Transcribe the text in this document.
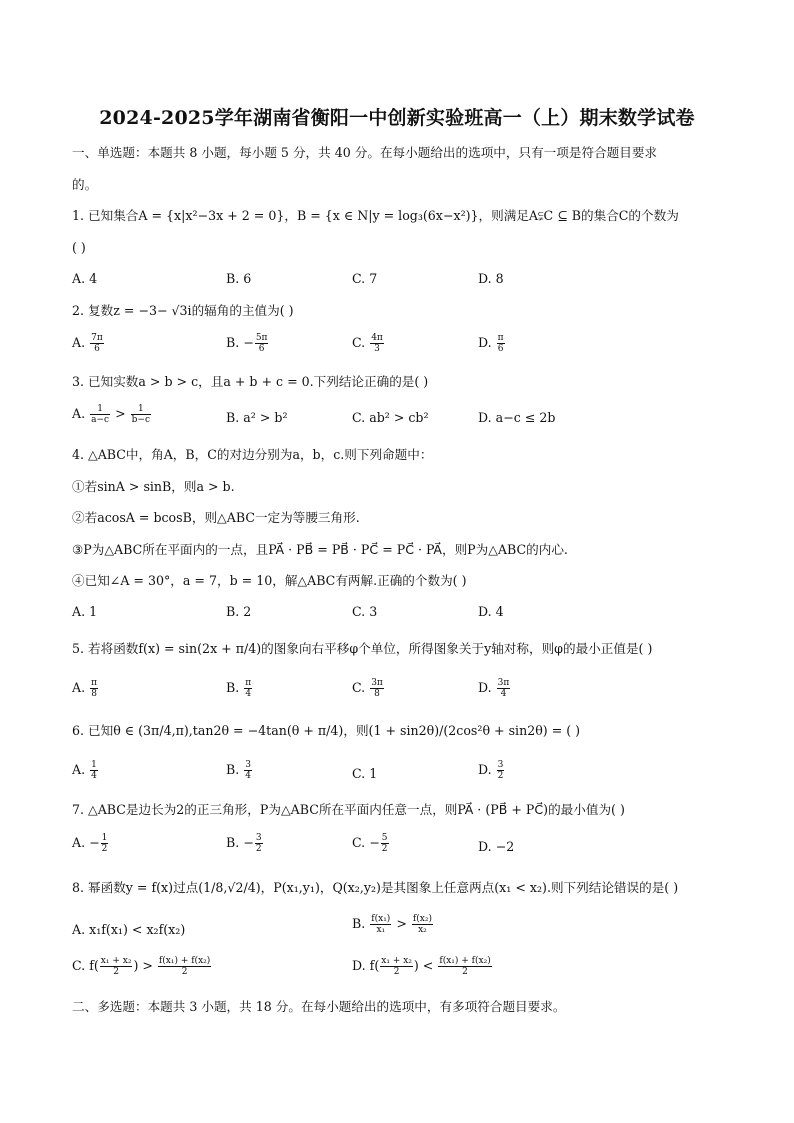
2024-2025学年湖南省衡阳一中创新实验班高一（上）期末数学试卷
一、单选题：本题共 8 小题，每小题 5 分，共 40 分。在每小题给出的选项中，只有一项是符合题目要求
的。
1. 已知集合A = {x|x²−3x + 2 = 0}，B = {x ∈ N|y = log₃(6x−x²)}，则满足A⫋C ⊆ B的集合C的个数为
( )
A. 4	B. 6	C. 7	D. 8
2. 复数z = −3− √3i的辐角的主值为( )
A. $\frac{7\pi}{6}$	B. − $\frac{5\pi}{6}$	C. $\frac{4\pi}{3}$	D. $\frac{\pi}{6}$
3. 已知实数a > b > c，且a + b + c = 0.下列结论正确的是( )
A. $\frac{1}{a-c} > \frac{1}{b-c}$	B. a² > b²	C. ab² > cb²	D. a−c ≤ 2b
4. △ABC中，角A，B，C的对边分别为a，b，c.则下列命题中：
①若sinA > sinB，则a > b.
②若acosA = bcosB，则△ABC一定为等腰三角形.
③P为△ABC所在平面内的一点，且PA⃗ · PB⃗ = PB⃗ · PC⃗ = PC⃗ · PA⃗，则P为△ABC的内心.
④已知∠A = 30°，a = 7，b = 10，解△ABC有两解.正确的个数为( )
A. 1	B. 2	C. 3	D. 4
5. 若将函数f(x) = sin(2x + π/4)的图象向右平移φ个单位，所得图象关于y轴对称，则φ的最小正值是( )
A. $\frac{\pi}{8}$	B. $\frac{\pi}{4}$	C. $\frac{3\pi}{8}$	D. $\frac{3\pi}{4}$
6. 已知θ ∈ (3π/4,π),tan2θ = −4tan(θ + π/4)，则(1 + sin2θ)/(2cos²θ + sin2θ) = ( )
A. $\frac{1}{4}$	B. $\frac{3}{4}$	C. 1	D. $\frac{3}{2}$
7. △ABC是边长为2的正三角形，P为△ABC所在平面内任意一点，则PA⃗ · (PB⃗ + PC⃗)的最小值为( )
A. − $\frac{1}{2}$	B. − $\frac{3}{2}$	C. − $\frac{5}{2}$	D. −2
8. 幂函数y = f(x)过点(1/8,√2/4)，P(x₁,y₁)，Q(x₂,y₂)是其图象上任意两点(x₁ < x₂).则下列结论错误的是( )
A. x₁f(x₁) < x₂f(x₂)	B. $\frac{\text{f(x₁)}}{\text{x₁}} > \frac{\text{f(x₂)}}{\text{x₂}}$
C. $f( \frac{\text{x₁ + x₂}}{2}$ ) > $\frac{\text{f(x₁) + f(x₂)}}{2}$	D. $f( \frac{\text{x₁ + x₂}}{2}$ ) < $\frac{\text{f(x₁) + f(x₂)}}{2}$
二、多选题：本题共 3 小题，共 18 分。在每小题给出的选项中，有多项符合题目要求。
